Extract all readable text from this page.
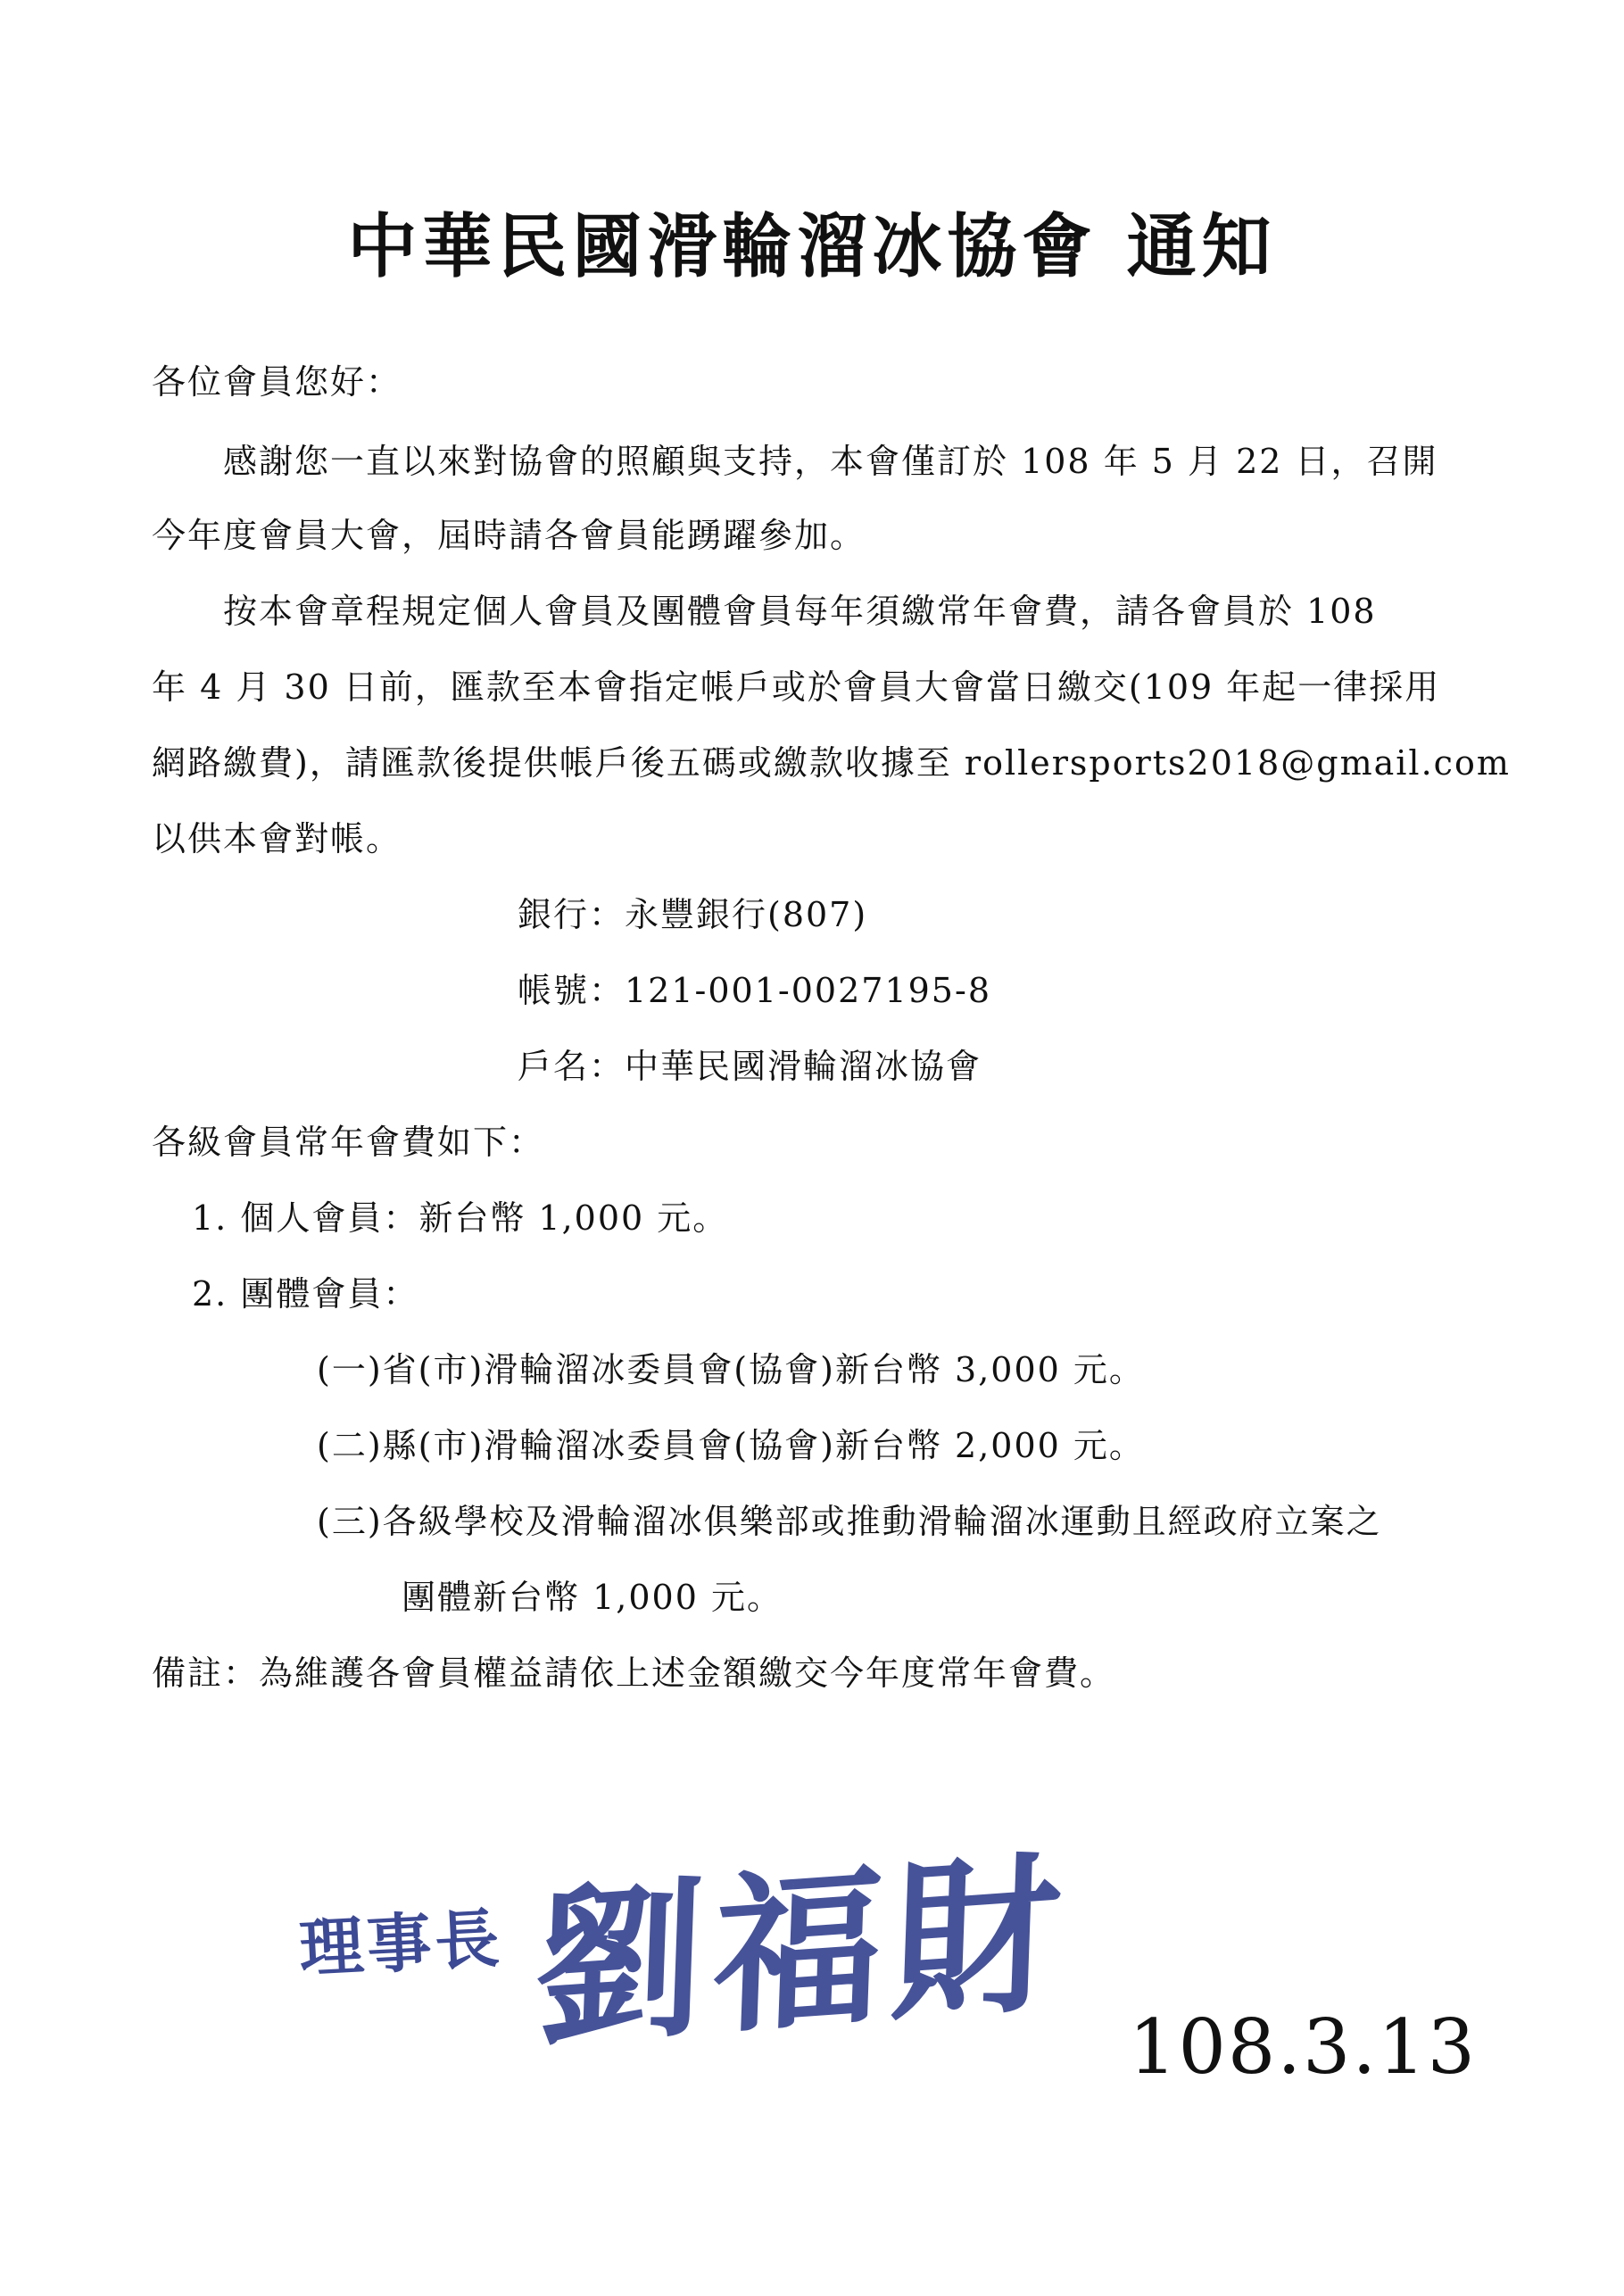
中華民國滑輪溜冰協會 通知
各位會員您好：
感謝您一直以來對協會的照顧與支持，本會僅訂於 108 年 5 月 22 日，召開
今年度會員大會，屆時請各會員能踴躍參加。
按本會章程規定個人會員及團體會員每年須繳常年會費，請各會員於 108
年 4 月 30 日前，匯款至本會指定帳戶或於會員大會當日繳交(109 年起一律採用
網路繳費)，請匯款後提供帳戶後五碼或繳款收據至 rollersports2018@gmail.com
以供本會對帳。
銀行：永豐銀行(807)
帳號：121-001-0027195-8
戶名：中華民國滑輪溜冰協會
各級會員常年會費如下：
1. 個人會員：新台幣 1,000 元。
2. 團體會員：
(一)省(市)滑輪溜冰委員會(協會)新台幣 3,000 元。
(二)縣(市)滑輪溜冰委員會(協會)新台幣 2,000 元。
(三)各級學校及滑輪溜冰俱樂部或推動滑輪溜冰運動且經政府立案之
團體新台幣 1,000 元。
備註：為維護各會員權益請依上述金額繳交今年度常年會費。
理事長 劉福財 108.3.13
